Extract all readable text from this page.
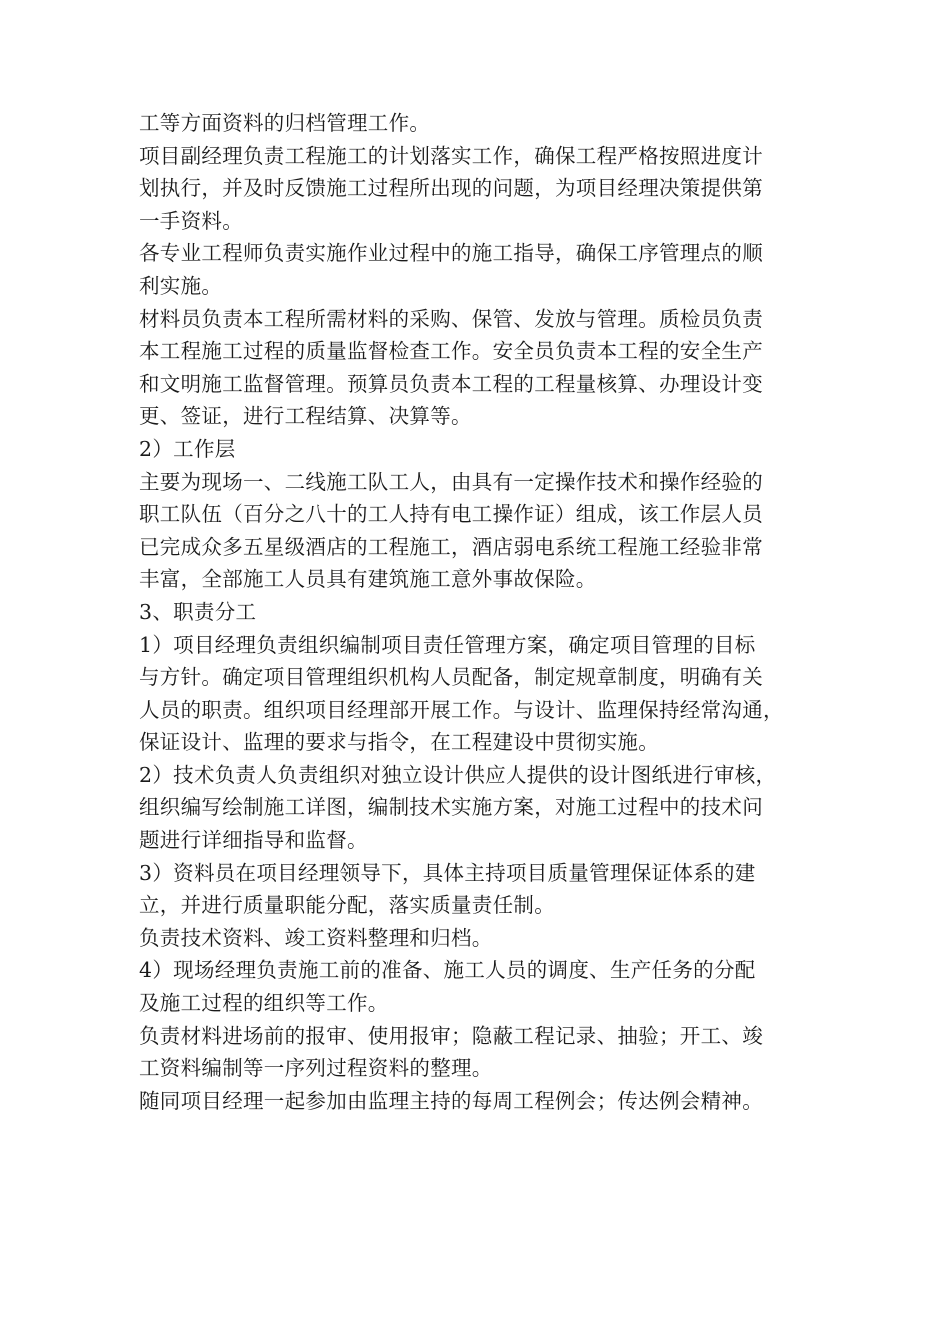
工等方面资料的归档管理工作。
项目副经理负责工程施工的计划落实工作，确保工程严格按照进度计
划执行，并及时反馈施工过程所出现的问题，为项目经理决策提供第
一手资料。
各专业工程师负责实施作业过程中的施工指导，确保工序管理点的顺
利实施。
材料员负责本工程所需材料的采购、保管、发放与管理。质检员负责
本工程施工过程的质量监督检查工作。安全员负责本工程的安全生产
和文明施工监督管理。预算员负责本工程的工程量核算、办理设计变
更、签证，进行工程结算、决算等。
2）工作层
主要为现场一、二线施工队工人，由具有一定操作技术和操作经验的
职工队伍（百分之八十的工人持有电工操作证）组成，该工作层人员
已完成众多五星级酒店的工程施工，酒店弱电系统工程施工经验非常
丰富，全部施工人员具有建筑施工意外事故保险。
3、职责分工
1）项目经理负责组织编制项目责任管理方案，确定项目管理的目标
与方针。确定项目管理组织机构人员配备，制定规章制度，明确有关
人员的职责。组织项目经理部开展工作。与设计、监理保持经常沟通，
保证设计、监理的要求与指令，在工程建设中贯彻实施。
2）技术负责人负责组织对独立设计供应人提供的设计图纸进行审核，
组织编写绘制施工详图，编制技术实施方案，对施工过程中的技术问
题进行详细指导和监督。
3）资料员在项目经理领导下，具体主持项目质量管理保证体系的建
立，并进行质量职能分配，落实质量责任制。
负责技术资料、竣工资料整理和归档。
4）现场经理负责施工前的准备、施工人员的调度、生产任务的分配
及施工过程的组织等工作。
负责材料进场前的报审、使用报审；隐蔽工程记录、抽验；开工、竣
工资料编制等一序列过程资料的整理。
随同项目经理一起参加由监理主持的每周工程例会；传达例会精神。
